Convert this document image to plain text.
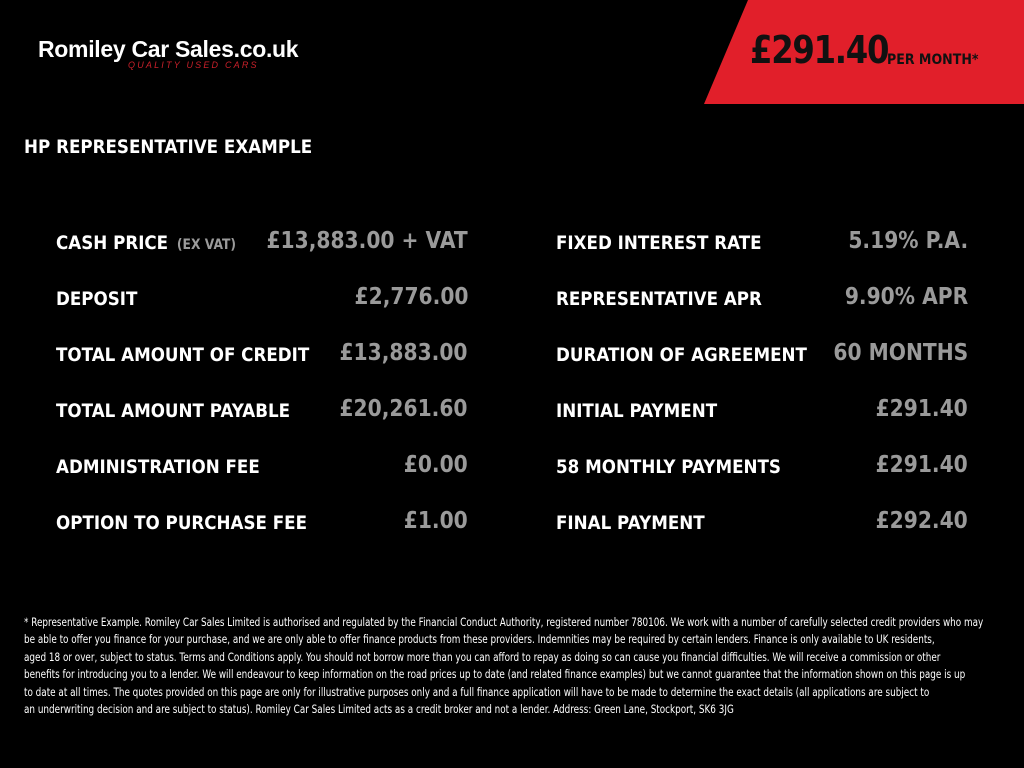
Romiley Car Sales.co.uk
QUALITY USED CARS	£291.40
PER MONTH*
HP REPRESENTATIVE EXAMPLE
CASH PRICE (EX VAT) £13,883.00 + VAT
DEPOSIT	£2,776.00
TOTAL AMOUNT OF CREDIT £13,883.00
TOTAL AMOUNT PAYABLE £20,261.60
ADMINISTRATION FEE	£0.00
OPTION TO PURCHASE FEE	£1.00
FIXED INTEREST RATE	5.19% P.A.
REPRESENTATIVE APR	9.90% APR
DURATION OF AGREEMENT 60 MONTHS
INITIAL PAYMENT	£291.40
58 MONTHLY PAYMENTS	£291.40
FINAL PAYMENT	£292.40
* Representative Example. Romiley Car Sales Limited is authorised and regulated by the Financial Conduct Authority, registered number 780106. We work with a number of carefully selected credit providers who may
be able to offer you finance for your purchase, and we are only able to offer finance products from these providers. Indemnities may be required by certain lenders. Finance is only available to UK residents,
aged 18 or over, subject to status. Terms and Conditions apply. You should not borrow more than you can afford to repay as doing so can cause you financial difficulties. We will receive a commission or other
benefits for introducing you to a lender. We will endeavour to keep information on the road prices up to date (and related finance examples) but we cannot guarantee that the information shown on this page is up
to date at all times. The quotes provided on this page are only for illustrative purposes only and a full finance application will have to be made to determine the exact details (all applications are subject to
an underwriting decision and are subject to status). Romiley Car Sales Limited acts as a credit broker and not a lender. Address: Green Lane, Stockport, SK6 3JG
